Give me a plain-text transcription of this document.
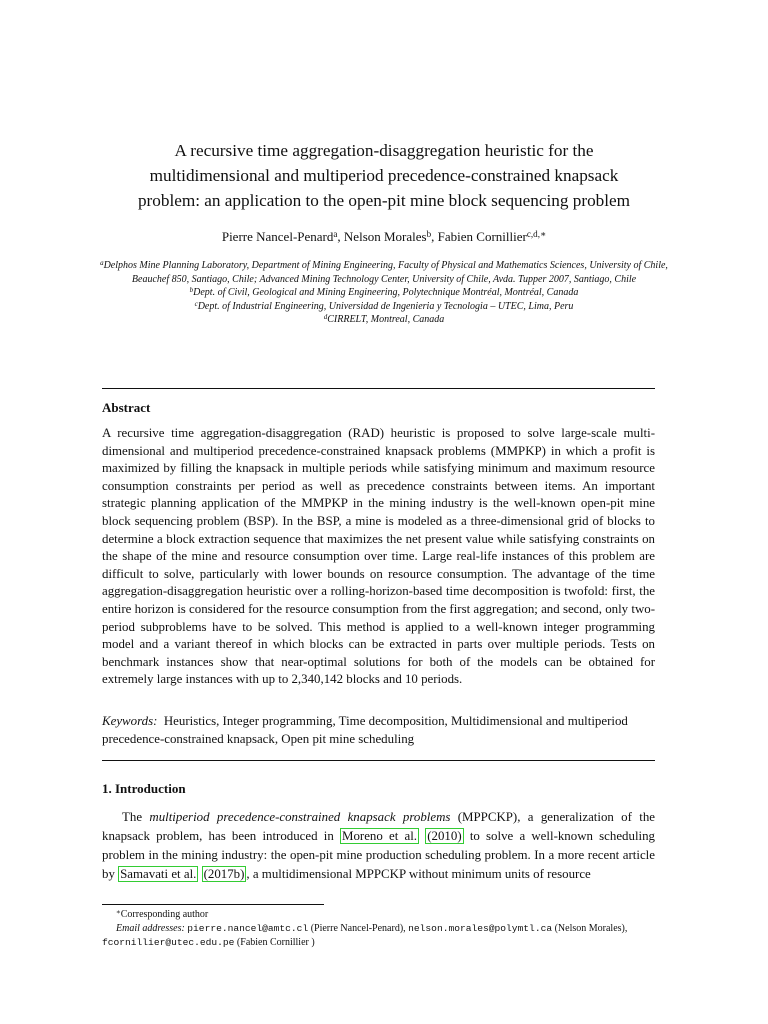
A recursive time aggregation-disaggregation heuristic for the
multidimensional and multiperiod precedence-constrained knapsack
problem: an application to the open-pit mine block sequencing problem
Pierre Nancel-Penard$^a$, Nelson Morales$^b$, Fabien Cornillier$^{c,d,∗}$
$^a$Delphos Mine Planning Laboratory, Department of Mining Engineering, Faculty of Physical and Mathematics Sciences, University of Chile, Beauchef 850, Santiago, Chile; Advanced Mining Technology Center, University of Chile, Avda. Tupper 2007, Santiago, Chile
$^b$Dept. of Civil, Geological and Mining Engineering, Polytechnique Montréal, Montréal, Canada
$^c$Dept. of Industrial Engineering, Universidad de Ingenieria y Tecnologia – UTEC, Lima, Peru
$^d$CIRRELT, Montreal, Canada
Abstract
A recursive time aggregation-disaggregation (RAD) heuristic is proposed to solve large-scale multi-dimensional and multiperiod precedence-constrained knapsack problems (MMPKP) in which a profit is maximized by filling the knapsack in multiple periods while satisfying minimum and maximum resource consumption constraints per period as well as precedence constraints between items. An important strategic planning application of the MMPKP in the mining industry is the well-known open-pit mine block sequencing problem (BSP). In the BSP, a mine is modeled as a three-dimensional grid of blocks to determine a block extraction sequence that maximizes the net present value while satisfying constraints on the shape of the mine and resource consumption over time. Large real-life instances of this problem are difficult to solve, particularly with lower bounds on resource consumption. The advantage of the time aggregation-disaggregation heuristic over a rolling-horizon-based time decomposition is twofold: first, the entire horizon is considered for the resource consumption from the first aggregation; and second, only two-period subproblems have to be solved. This method is applied to a well-known integer programming model and a variant thereof in which blocks can be extracted in parts over multiple periods. Tests on benchmark instances show that near-optimal solutions for both of the models can be obtained for extremely large instances with up to 2,340,142 blocks and 10 periods.
Keywords: Heuristics, Integer programming, Time decomposition, Multidimensional and multiperiod precedence-constrained knapsack, Open pit mine scheduling
1. Introduction
The multiperiod precedence-constrained knapsack problems (MPPCKP), a generalization of the knapsack problem, has been introduced in Moreno et al. (2010) to solve a well-known scheduling problem in the mining industry: the open-pit mine production scheduling problem. In a more recent article by Samavati et al. (2017b) , a multidimensional MPPCKP without minimum units of resource
∗Corresponding author
Email addresses: pierre.nancel@amtc.cl (Pierre Nancel-Penard), nelson.morales@polymtl.ca (Nelson Morales), fcornillier@utec.edu.pe (Fabien Cornillier )
